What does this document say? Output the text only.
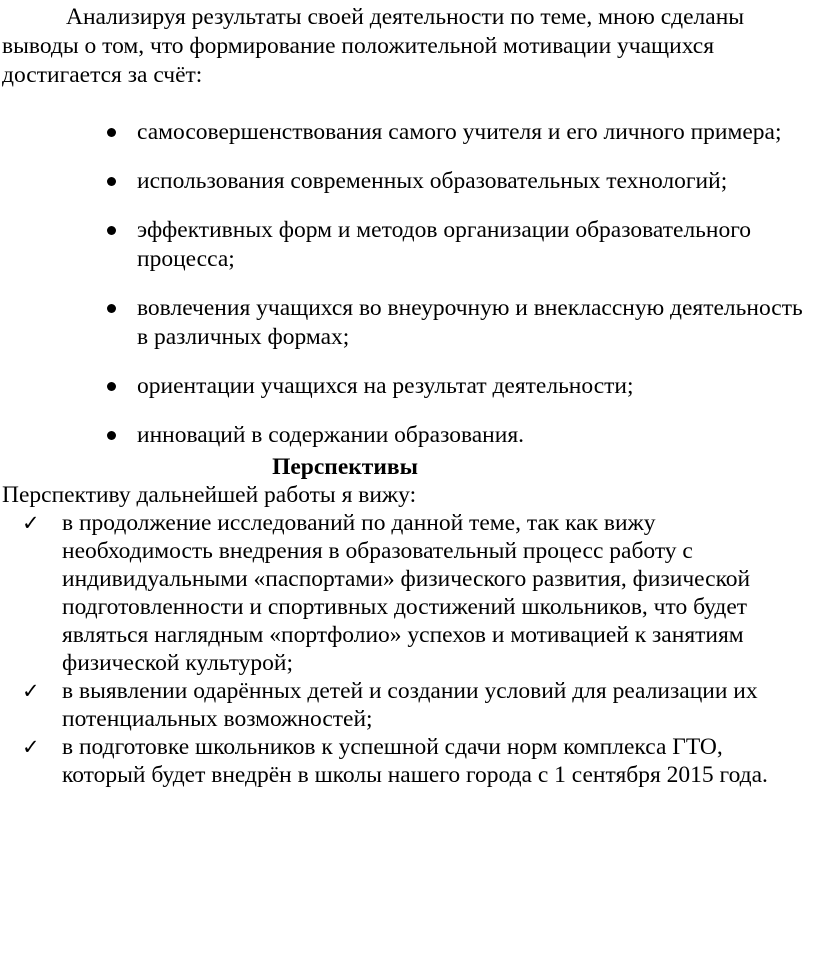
Анализируя результаты своей деятельности по теме, мною сделаны выводы о том, что формирование положительной мотивации учащихся достигается за счёт:

самосовершенствования самого учителя и его личного примера;
использования современных образовательных технологий;
эффективных форм и методов организации образовательного процесса;
вовлечения учащихся во внеурочную и внеклассную деятельность в различных формах;
ориентации учащихся на результат деятельности;
инноваций в содержании образования.
Перспективы

Перспективу дальнейшей работы я вижу:

✓ в продолжение исследований по данной теме, так как вижу необходимость внедрения в образовательный процесс работу с индивидуальными «паспортами» физического развития, физической подготовленности и спортивных достижений школьников, что будет являться наглядным «портфолио» успехов и мотивацией к занятиям физической культурой;
✓ в выявлении одарённых детей и создании условий для реализации их потенциальных возможностей;
✓ в подготовке школьников к успешной сдачи норм комплекса ГТО, который будет внедрён в школы нашего города с 1 сентября 2015 года.
